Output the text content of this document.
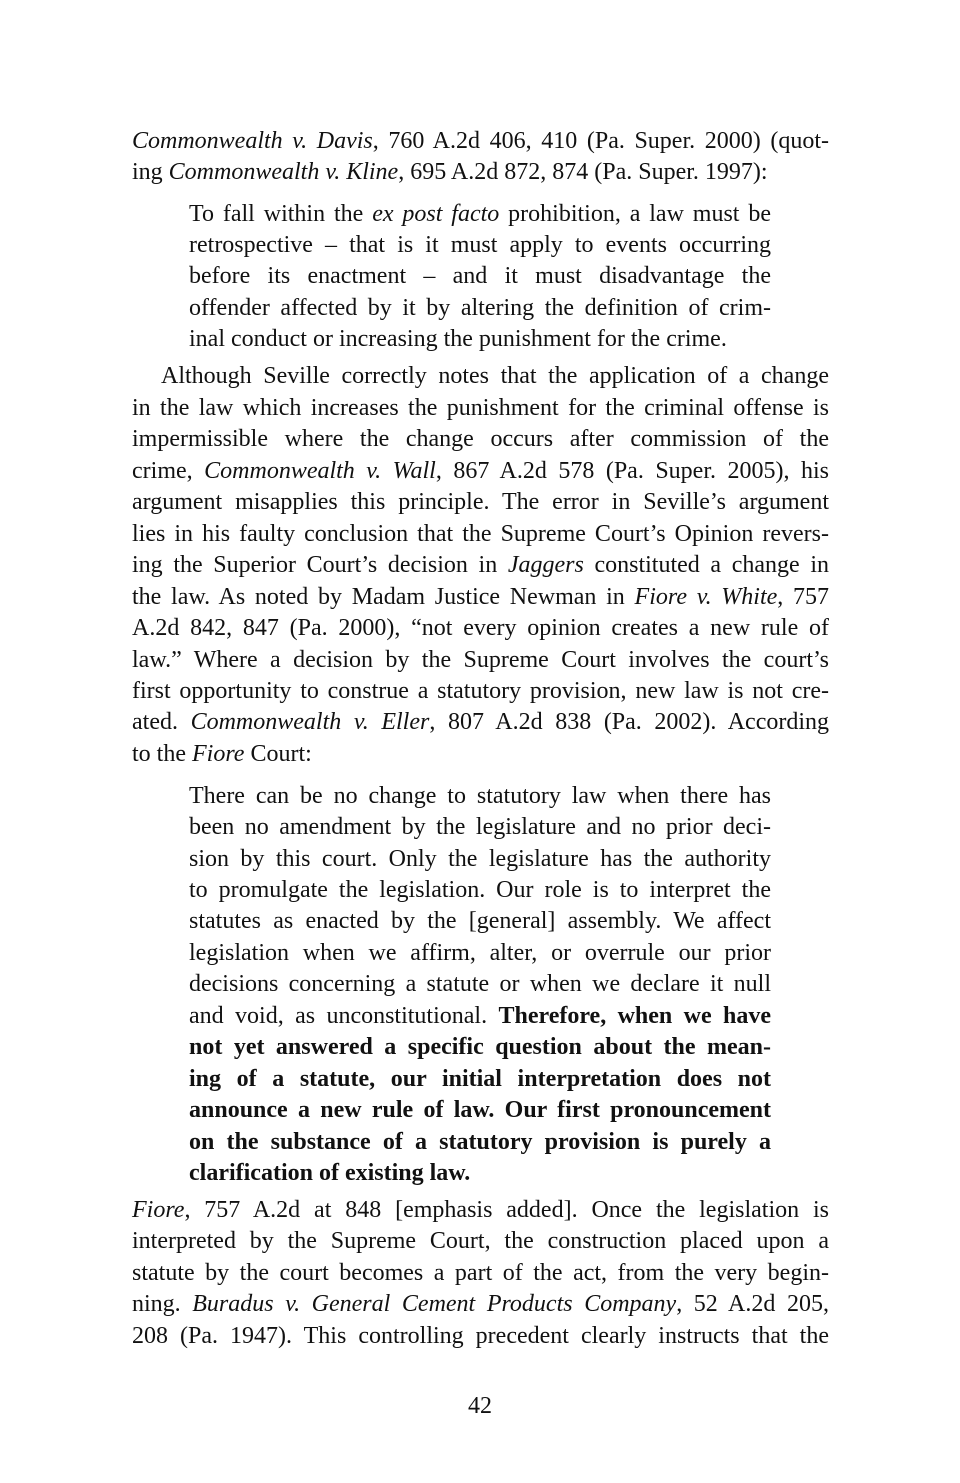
Commonwealth v. Davis, 760 A.2d 406, 410 (Pa. Super. 2000) (quot-
ing Commonwealth v. Kline, 695 A.2d 872, 874 (Pa. Super. 1997):
To fall within the ex post facto prohibition, a law must be
retrospective – that is it must apply to events occurring
before its enactment – and it must disadvantage the
offender affected by it by altering the definition of crim-
inal conduct or increasing the punishment for the crime.
Although Seville correctly notes that the application of a change
in the law which increases the punishment for the criminal offense is
impermissible where the change occurs after commission of the
crime, Commonwealth v. Wall, 867 A.2d 578 (Pa. Super. 2005), his
argument misapplies this principle. The error in Seville’s argument
lies in his faulty conclusion that the Supreme Court’s Opinion revers-
ing the Superior Court’s decision in Jaggers constituted a change in
the law. As noted by Madam Justice Newman in Fiore v. White, 757
A.2d 842, 847 (Pa. 2000), “not every opinion creates a new rule of
law.” Where a decision by the Supreme Court involves the court’s
first opportunity to construe a statutory provision, new law is not cre-
ated. Commonwealth v. Eller, 807 A.2d 838 (Pa. 2002). According
to the Fiore Court:
There can be no change to statutory law when there has
been no amendment by the legislature and no prior deci-
sion by this court. Only the legislature has the authority
to promulgate the legislation. Our role is to interpret the
statutes as enacted by the [general] assembly. We affect
legislation when we affirm, alter, or overrule our prior
decisions concerning a statute or when we declare it null
and void, as unconstitutional. Therefore, when we have
not yet answered a specific question about the mean-
ing of a statute, our initial interpretation does not
announce a new rule of law. Our first pronouncement
on the substance of a statutory provision is purely a
clarification of existing law.
Fiore, 757 A.2d at 848 [emphasis added]. Once the legislation is
interpreted by the Supreme Court, the construction placed upon a
statute by the court becomes a part of the act, from the very begin-
ning. Buradus v. General Cement Products Company, 52 A.2d 205,
208 (Pa. 1947). This controlling precedent clearly instructs that the
42
